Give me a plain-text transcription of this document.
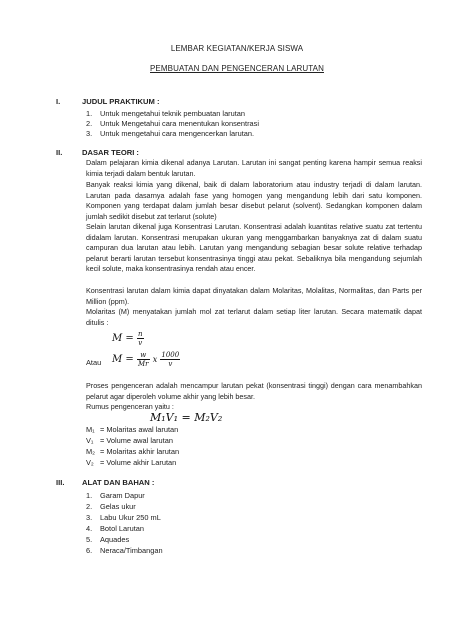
LEMBAR KEGIATAN/KERJA SISWA
PEMBUATAN DAN PENGENCERAN LARUTAN
I.	JUDUL PRAKTIKUM :
1. Untuk mengetahui teknik pembuatan larutan
2. Untuk Mengetahui cara menentukan konsentrasi
3. Untuk mengetahui cara mengencerkan larutan.
II.	DASAR TEORI :
Dalam pelajaran kimia dikenal adanya Larutan. Larutan ini sangat penting karena hampir semua reaksi kimia terjadi dalam bentuk larutan.
Banyak reaksi kimia yang dikenal, baik di dalam laboratorium atau industry terjadi di dalam larutan. Larutan pada dasarnya adalah fase yang homogen yang mengandung lebih dari satu komponen. Komponen yang terdapat dalam jumlah besar disebut pelarut (solvent). Sedangkan komponen dalam jumlah sedikit disebut zat terlarut (solute)
Selain larutan dikenal juga Konsentrasi Larutan. Konsentrasi adalah kuantitas relative suatu zat tertentu didalam larutan. Konsentrasi merupakan ukuran yang menggambarkan banyaknya zat di dalam suatu campuran dua larutan atau lebih. Larutan yang mengandung sebagian besar solute relative terhadap pelarut berarti larutan tersebut konsentrasinya tinggi atau pekat. Sebaliknya bila mengandung sejumlah kecil solute, maka konsentrasinya rendah atau encer.
Konsentrasi larutan dalam kimia dapat dinyatakan dalam Molaritas, Molalitas, Normalitas, dan Parts per Million (ppm).
Molaritas (M) menyatakan jumlah mol zat terlarut dalam setiap liter larutan. Secara matematik dapat ditulis :
$M = \frac{n}{v}$
Atau $M = \frac{w}{Mr}$ x $\frac{1000}{v}$
Proses pengenceran adalah mencampur larutan pekat (konsentrasi tinggi) dengan cara menambahkan pelarut agar diperoleh volume akhir yang lebih besar.
Rumus pengenceran yaitu :
M₁V₁ = M₂V₂
M₁ = Molaritas awal larutan
V₁ = Volume awal larutan
M₂ = Molaritas akhir larutan
V₂ = Volume akhir Larutan
III. ALAT DAN BAHAN :
1. Garam Dapur
2. Gelas ukur
3. Labu Ukur 250 mL
4. Botol Larutan
5. Aquades
6. Neraca/Timbangan
